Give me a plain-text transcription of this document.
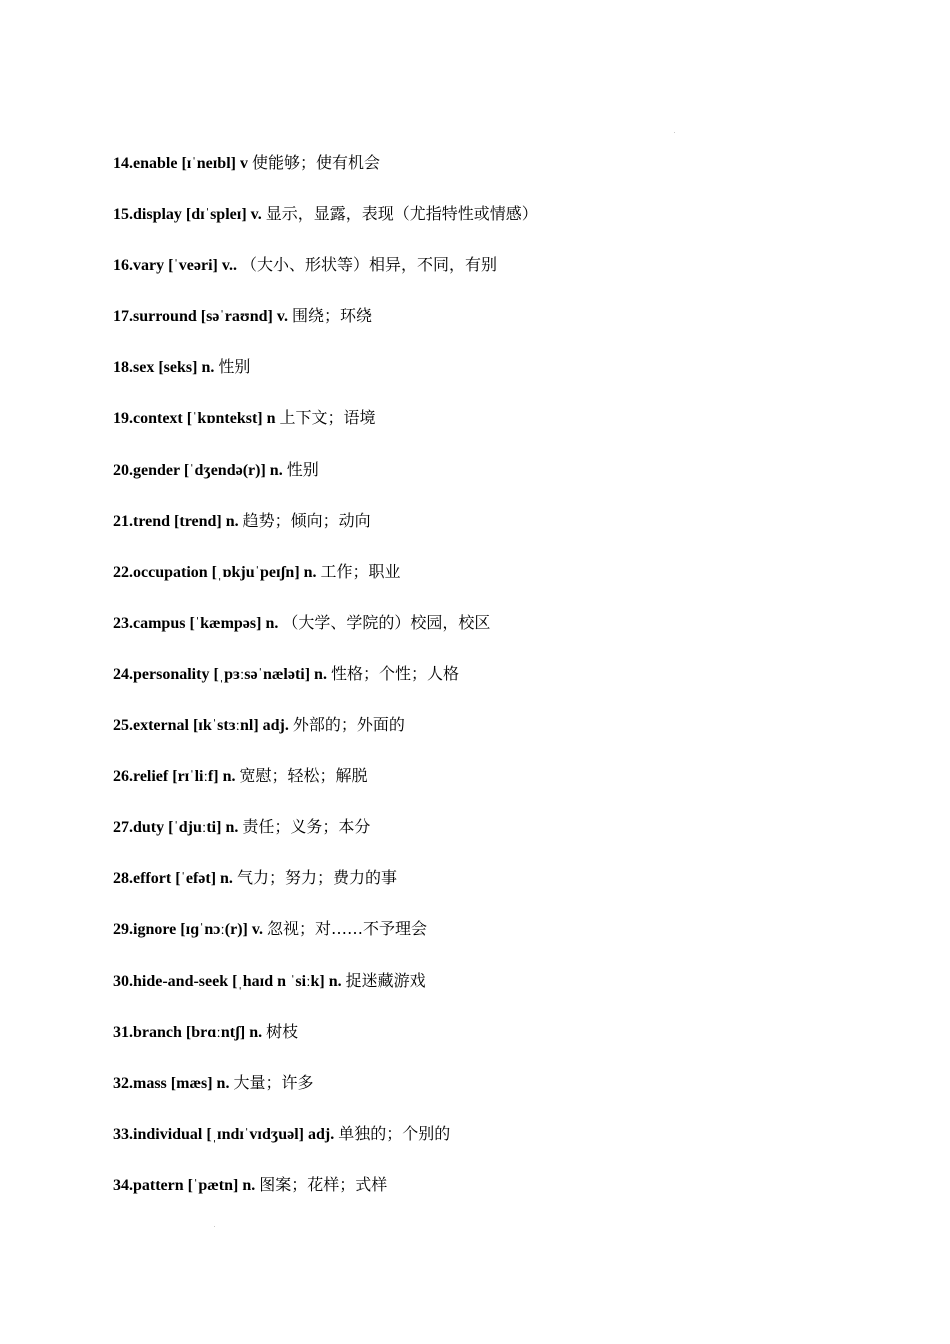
14.enable [ɪˈneɪbl] v 使能够；使有机会
15.display [dɪˈspleɪ] v. 显示，显露，表现（尤指特性或情感）
16.vary [ˈveəri] v.. （大小、形状等）相异，不同，有别
17.surround [səˈraʊnd] v. 围绕；环绕
18.sex [seks] n. 性别
19.context [ˈkɒntekst] n 上下文；语境
20.gender [ˈdʒendə(r)] n. 性别
21.trend [trend] n. 趋势；倾向；动向
22.occupation [ˌɒkjuˈpeɪʃn] n. 工作；职业
23.campus [ˈkæmpəs] n. （大学、学院的）校园，校区
24.personality [ˌpɜːsəˈnæləti] n. 性格；个性；人格
25.external [ɪkˈstɜːnl] adj. 外部的；外面的
26.relief [rɪˈliːf] n. 宽慰；轻松；解脱
27.duty [ˈdjuːti] n. 责任；义务；本分
28.effort [ˈefət] n. 气力；努力；费力的事
29.ignore [ɪɡˈnɔː(r)] v. 忽视；对……不予理会
30.hide-and-seek [ˌhaɪd n ˈsiːk] n. 捉迷藏游戏
31.branch [brɑːntʃ] n. 树枝
32.mass [mæs] n. 大量；许多
33.individual [ˌɪndɪˈvɪdʒuəl] adj. 单独的；个别的
34.pattern [ˈpætn] n. 图案；花样；式样
